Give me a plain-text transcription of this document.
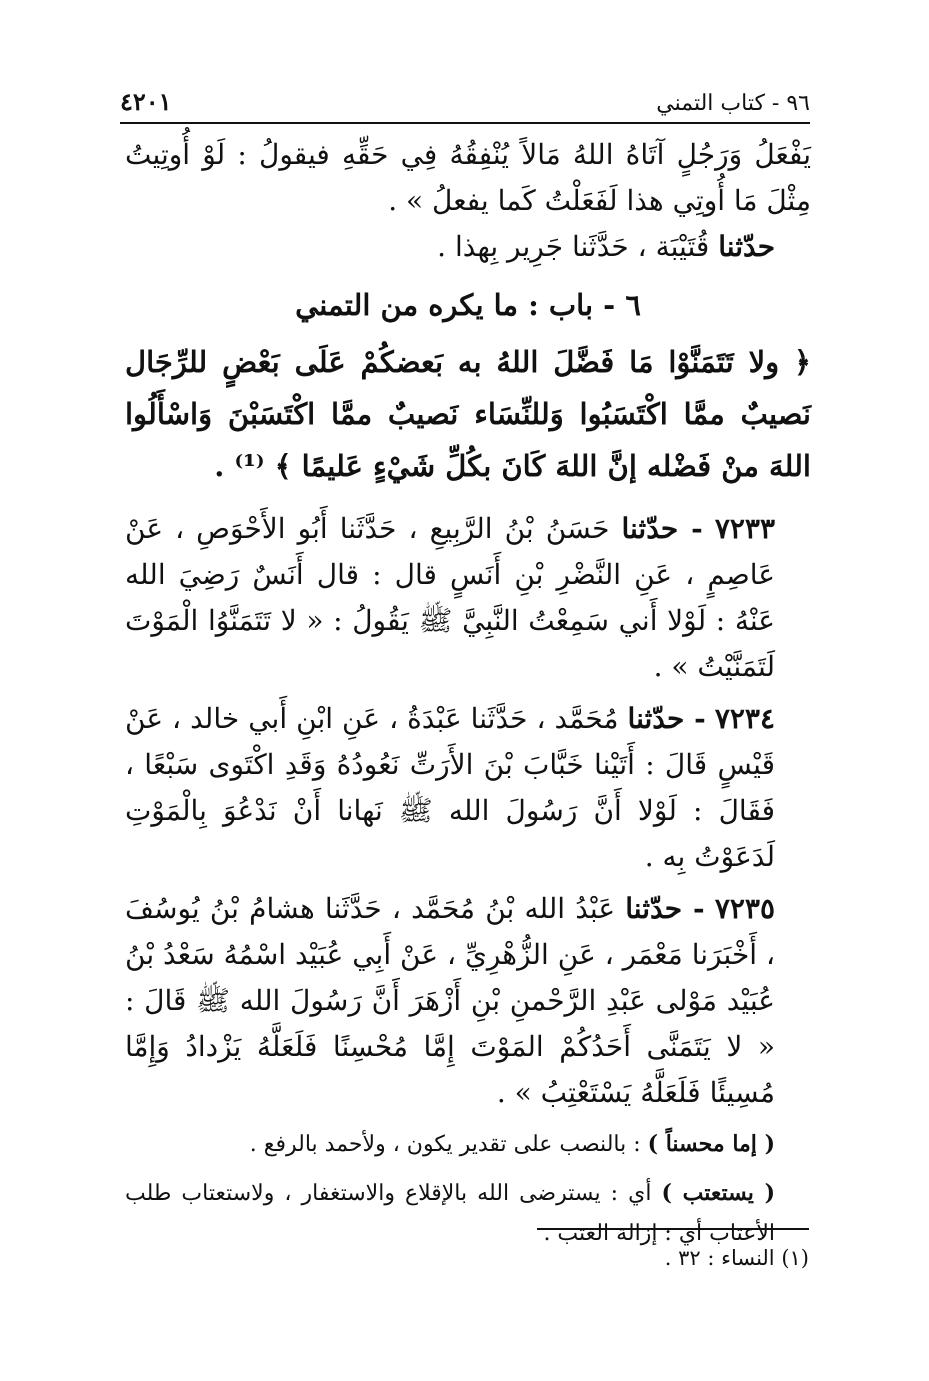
٩٦ - كتاب التمني
٤٢٠١

يَفْعَلُ وَرَجُلٍ آتَاهُ اللهُ مَالاً يُنْفِقُهُ فِي حَقِّهِ فيقولُ : لَوْ أُوتِيتُ مِثْلَ مَا أُوتِي هذا لَفَعَلْتُ كَما يفعلُ » .

حدّثنا قُتَيْبَة ، حَدَّثَنا جَرِير بِهذا .

٦ - باب : ما يكره من التمني

﴿ ولا تَتَمَنَّوْا مَا فَضَّلَ اللهُ به بَعضكُمْ عَلَى بَعْضٍ للرِّجَال نَصيبٌ ممَّا اكْتَسَبُوا وَللنِّسَاء نَصيبٌ ممَّا اكْتَسَبْنَ وَاسْأَلُوا اللهَ منْ فَضْله إنَّ اللهَ كَانَ بكُلِّ شَيْءٍ عَليمًا ﴾ ⁽¹⁾ .

٧٢٣٣ - حدّثنا حَسَنُ بْنُ الرَّبِيعِ ، حَدَّثَنا أَبُو الأَحْوَصِ ، عَنْ عَاصِمٍ ، عَنِ النَّضْرِ بْنِ أَنَسٍ قال : قال أَنَسٌ رَضِيَ الله عَنْهُ : لَوْلا أَني سَمِعْتُ النَّبِيَّ ﷺ يَقُولُ : « لا تَتَمَنَّوُا الْمَوْتَ لَتَمَنَّيْتُ » .

٧٢٣٤ - حدّثنا مُحَمَّد ، حَدَّثَنا عَبْدَةُ ، عَنِ ابْنِ أَبي خالد ، عَنْ قَيْسٍ قَالَ : أَتَيْنا خَبَّابَ بْنَ الأَرَتِّ نَعُودُهُ وَقَدِ اكْتَوى سَبْعًا ، فَقَالَ : لَوْلا أَنَّ رَسُولَ الله ﷺ نَهانا أَنْ نَدْعُوَ بِالْمَوْتِ لَدَعَوْتُ بِه .

٧٢٣٥ - حدّثنا عَبْدُ الله بْنُ مُحَمَّد ، حَدَّثَنا هشامُ بْنُ يُوسُفَ ، أَخْبَرَنا مَعْمَر ، عَنِ الزُّهْرِيِّ ، عَنْ أَبِي عُبَيْد اسْمُهُ سَعْدُ بْنُ عُبَيْد مَوْلى عَبْدِ الرَّحْمنِ بْنِ أَزْهَرَ أَنَّ رَسُولَ الله ﷺ قَالَ : « لا يَتَمَنَّى أَحَدُكُمْ المَوْتَ إِمَّا مُحْسِنًا فَلَعَلَّهُ يَزْدادُ وَإِمَّا مُسِيئًا فَلَعَلَّهُ يَسْتَعْتِبُ » .

( إما محسناً ) : بالنصب على تقدير يكون ، ولأحمد بالرفع .

( يستعتب ) أي : يسترضى الله بالإقلاع والاستغفار ، ولاستعتاب طلب الأعتاب أي : إزالة العتب .

(١) النساء : ٣٢ .
